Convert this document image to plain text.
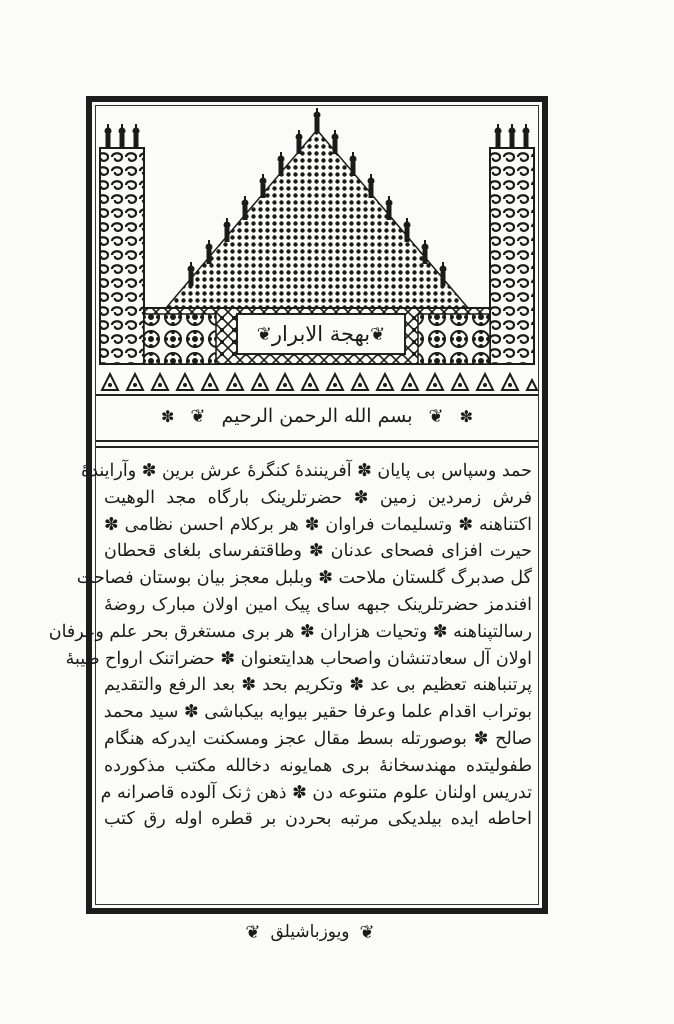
❦
بهجة الابرار
❦
✽
❦
بسم الله الرحمن الرحيم
❦
✽
حمد وسپاس بی پایان ✽ آفرینندۀ کنگرۀ عرش برین ✽ وآرایندۀ
فرش زمردین زمین ✽ حضرتلرینک بارگاه مجد الوهیت
اکتناهنه ✽ وتسلیمات فراوان ✽ هر برکلام احسن نظامی ✽
حیرت افزای فصحای عدنان ✽ وطاقتفرسای بلغای قحطان
گل صدبرگ گلستان ملاحت ✽ وبلبل معجز بیان بوستان فصاحت
افندمز حضرتلرینک جبهه سای پیک امین اولان مبارک روضۀ
رسالتپناهنه ✽ وتحیات هزاران ✽ هر بری مستغرق بحر علم وعرفان
اولان آل سعادتنشان واصحاب هدایتعنوان ✽ حضراتنک ارواح طیبۀ
پرتنباهنه تعظیم بی عد ✽ وتکریم بحد ✽ بعد الرفع والتقدیم
بوتراب اقدام علما وعرفا حقیر بیوایه بیکباشی ✽ سید محمد
صالح ✽ بوصورتله بسط مقال عجز ومسکنت ایدرکه هنگام
طفولیتده مهندسخانۀ بری همایونه دخالله مکتب مذکورده
تدریس اولنان علوم متنوعه دن ✽ ذهن ژنک آلوده قاصرانه م
احاطه ایده بیلدیکی مرتبه بحردن بر قطره اوله رق کتب
❦
ویوزباشیلق
❦
